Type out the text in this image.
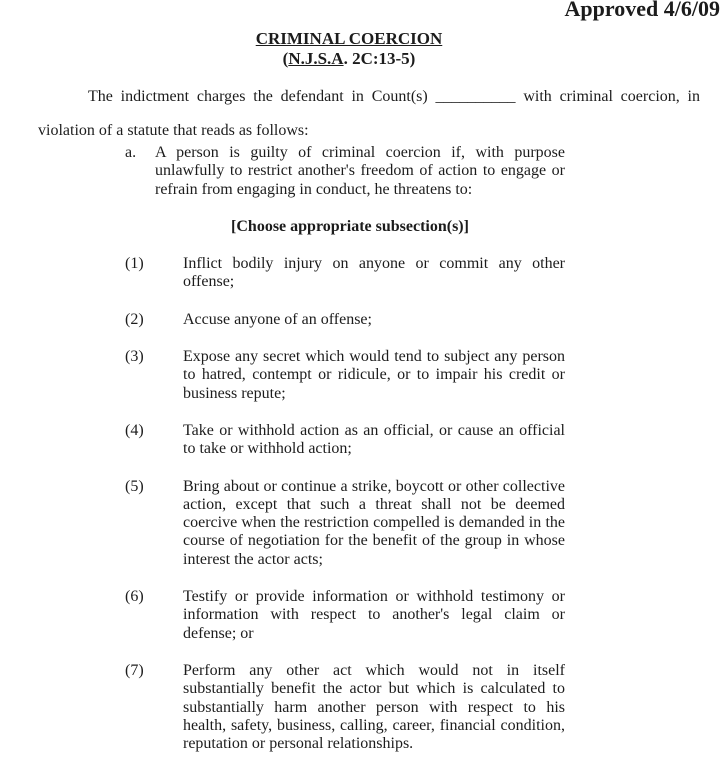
Approved 4/6/09
CRIMINAL COERCION
(N.J.S.A. 2C:13-5)

The indictment charges the defendant in Count(s) __________ with criminal coercion, in violation of a statute that reads as follows:

a.	A person is guilty of criminal coercion if, with purpose unlawfully to restrict another's freedom of action to engage or refrain from engaging in conduct, he threatens to:
[Choose appropriate subsection(s)]
(1)	Inflict bodily injury on anyone or commit any other offense;
(2)	Accuse anyone of an offense;
(3)	Expose any secret which would tend to subject any person to hatred, contempt or ridicule, or to impair his credit or business repute;
(4)	Take or withhold action as an official, or cause an official to take or withhold action;
(5)	Bring about or continue a strike, boycott or other collective action, except that such a threat shall not be deemed coercive when the restriction compelled is demanded in the course of negotiation for the benefit of the group in whose interest the actor acts;
(6)	Testify or provide information or withhold testimony or information with respect to another's legal claim or defense; or
(7)	Perform any other act which would not in itself substantially benefit the actor but which is calculated to substantially harm another person with respect to his health, safety, business, calling, career, financial condition, reputation or personal relationships.
